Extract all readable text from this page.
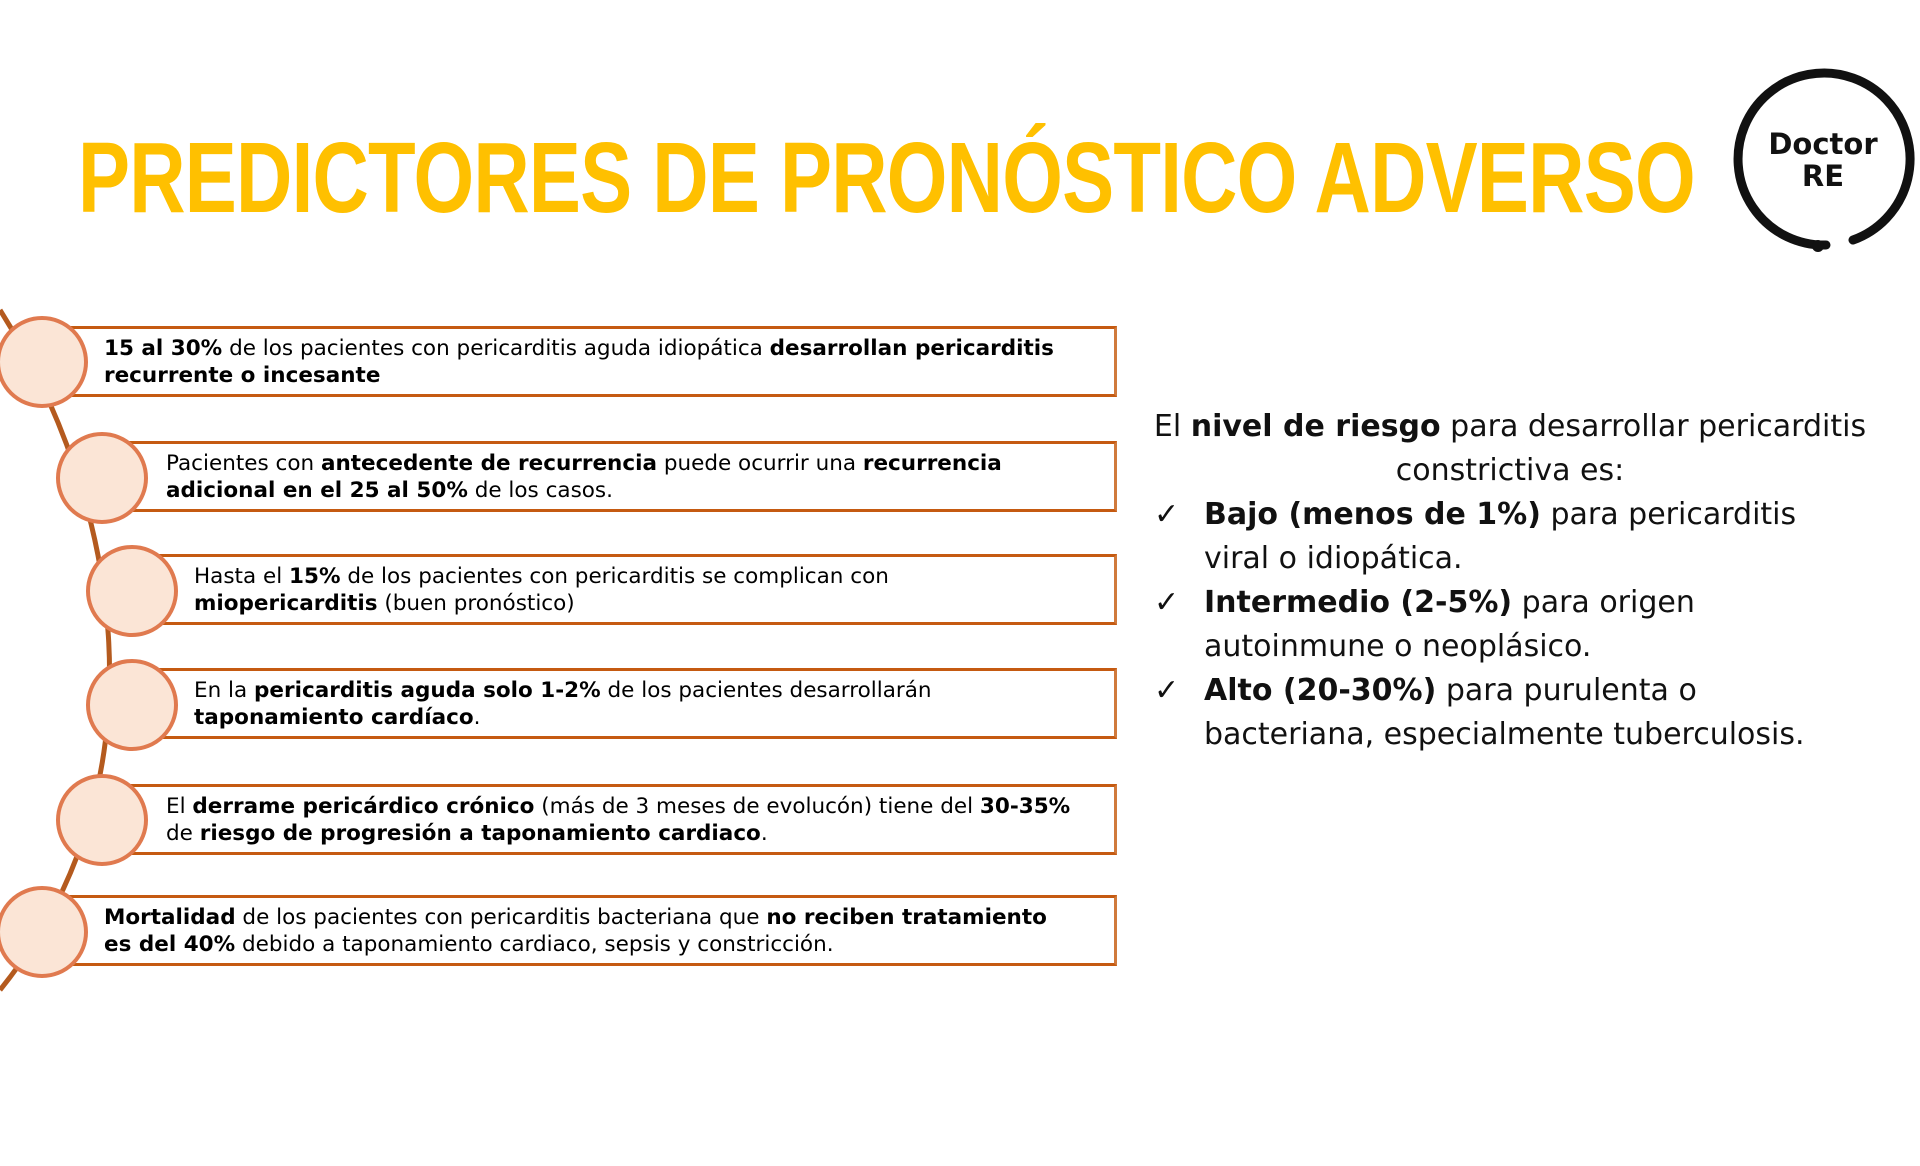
PREDICTORES DE PRONÓSTICO ADVERSO	Doctor
RE
15 al 30% de los pacientes con pericarditis aguda idiopática desarrollan pericarditis
recurrente o incesante
Pacientes con antecedente de recurrencia puede ocurrir una recurrencia
adicional en el 25 al 50% de los casos.
Hasta el 15% de los pacientes con pericarditis se complican con
miopericarditis (buen pronóstico)
En la pericarditis aguda solo 1-2% de los pacientes desarrollarán
taponamiento cardíaco.
El derrame pericárdico crónico (más de 3 meses de evolucón) tiene del 30-35%
de riesgo de progresión a taponamiento cardiaco.
Mortalidad de los pacientes con pericarditis bacteriana que no reciben tratamiento
es del 40% debido a taponamiento cardiaco, sepsis y constricción.
El nivel de riesgo para desarrollar pericarditis constrictiva es:
✓ Bajo (menos de 1%) para pericarditis viral o idiopática.
✓ Intermedio (2-5%) para origen autoinmune o neoplásico.
✓ Alto (20-30%) para purulenta o bacteriana, especialmente tuberculosis.
